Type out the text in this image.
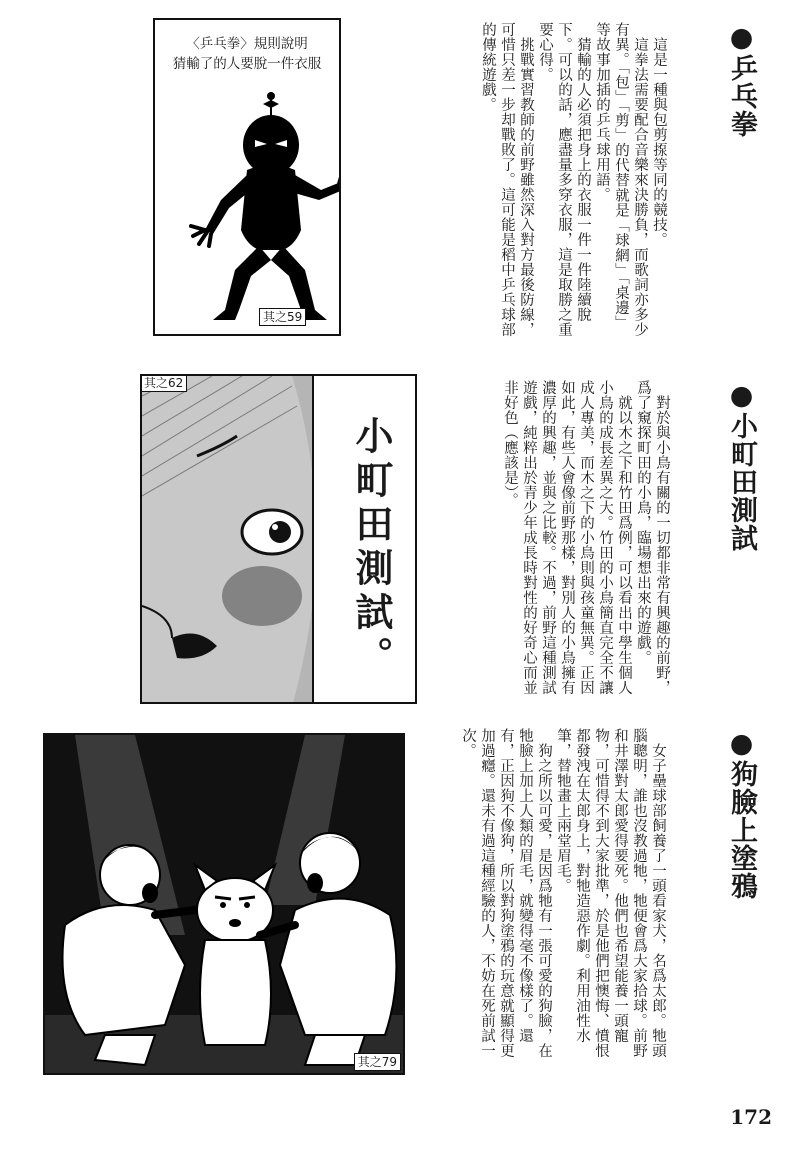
〈乒乓拳〉規則說明
猜輸了的人要脫一件衣服
其之59
小町田測試。
其之62
其之79
●乒乓拳

這是一種與包剪揼等同的競技。

這拳法需要配合音樂來決勝負，而歌詞亦多少有異。「包」「剪」的代替就是「球網」「桌邊」等故事加插的乒乓球用語。

猜輸的人必須把身上的衣服一件一件陸續脫下。可以的話，應盡量多穿衣服，這是取勝之重要心得。

挑戰實習教師的前野雖然深入對方最後防線，可惜只差一步却戰敗了。這可能是稻中乒乓球部的傳統遊戲。

●小町田測試

對於與小鳥有關的一切都非常有興趣的前野，爲了窺探町田的小鳥，臨場想出來的遊戲。

就以木之下和竹田爲例，可以看出中學生個人小鳥的成長差異之大。竹田的小鳥簡直完全不讓成人專美，而木之下的小鳥則與孩童無異。正因如此，有些人會像前野那樣，對別人的小鳥擁有濃厚的興趣，並與之比較。不過，前野這種測試遊戲，純粹出於青少年成長時對性的好奇心而並非好色（應該是）。

●狗臉上塗鴉

女子壘球部飼養了一頭看家犬，名爲太郎。牠頭腦聰明，誰也沒教過牠，牠便會爲大家拾球。前野和井澤對太郎愛得要死。他們也希望能養一頭寵物，可惜得不到大家批準，於是他們把懊悔、憤恨都發洩在太郎身上，對牠造惡作劇。利用油性水筆，替牠畫上兩堂眉毛。

狗之所以可愛，是因爲牠有一張可愛的狗臉，在牠臉上加上人類的眉毛，就變得毫不像樣了。還有，正因狗不像狗，所以對狗塗鴉的玩意就顯得更加過癮。還未有過這種經驗的人，不妨在死前試一次。

172
